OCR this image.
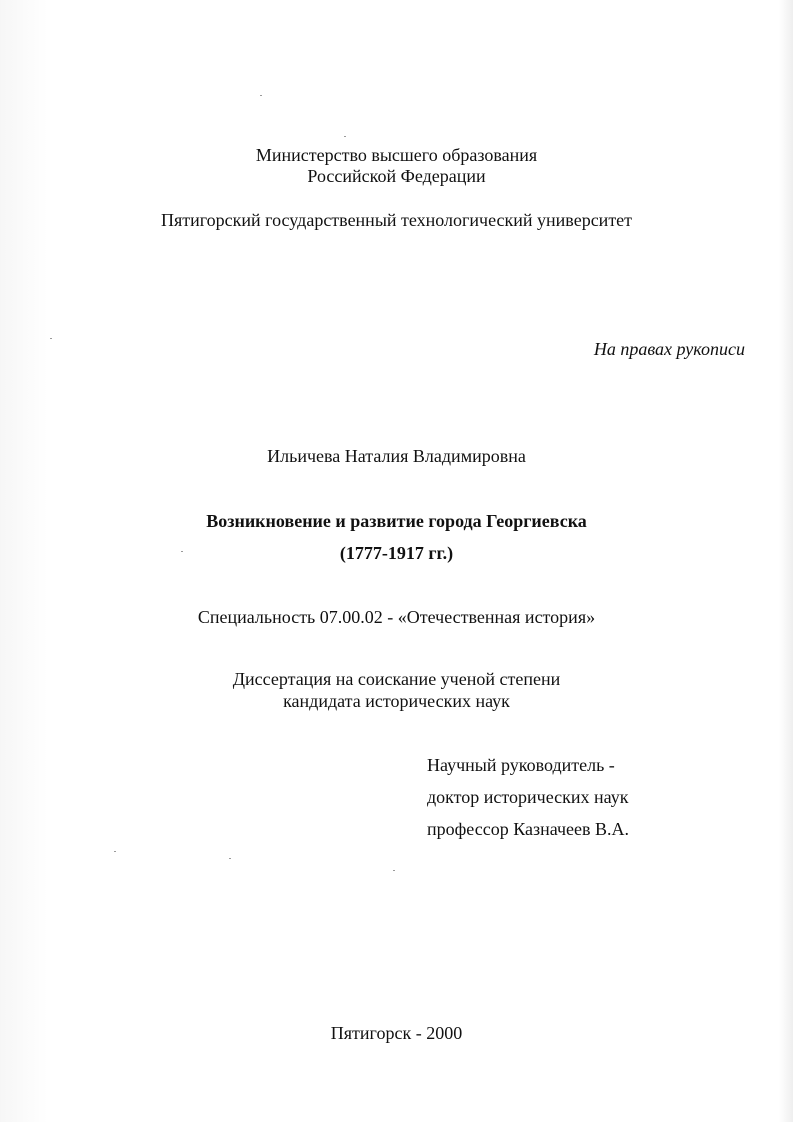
Министерство высшего образования
Российской Федерации
Пятигорский государственный технологический университет
На правах рукописи
Ильичева Наталия Владимировна
Возникновение и развитие города Георгиевска
(1777-1917 гг.)
Специальность 07.00.02 - «Отечественная история»
Диссертация на соискание ученой степени
кандидата исторических наук
Научный руководитель -
доктор исторических наук
профессор Казначеев В.А.
Пятигорск - 2000
